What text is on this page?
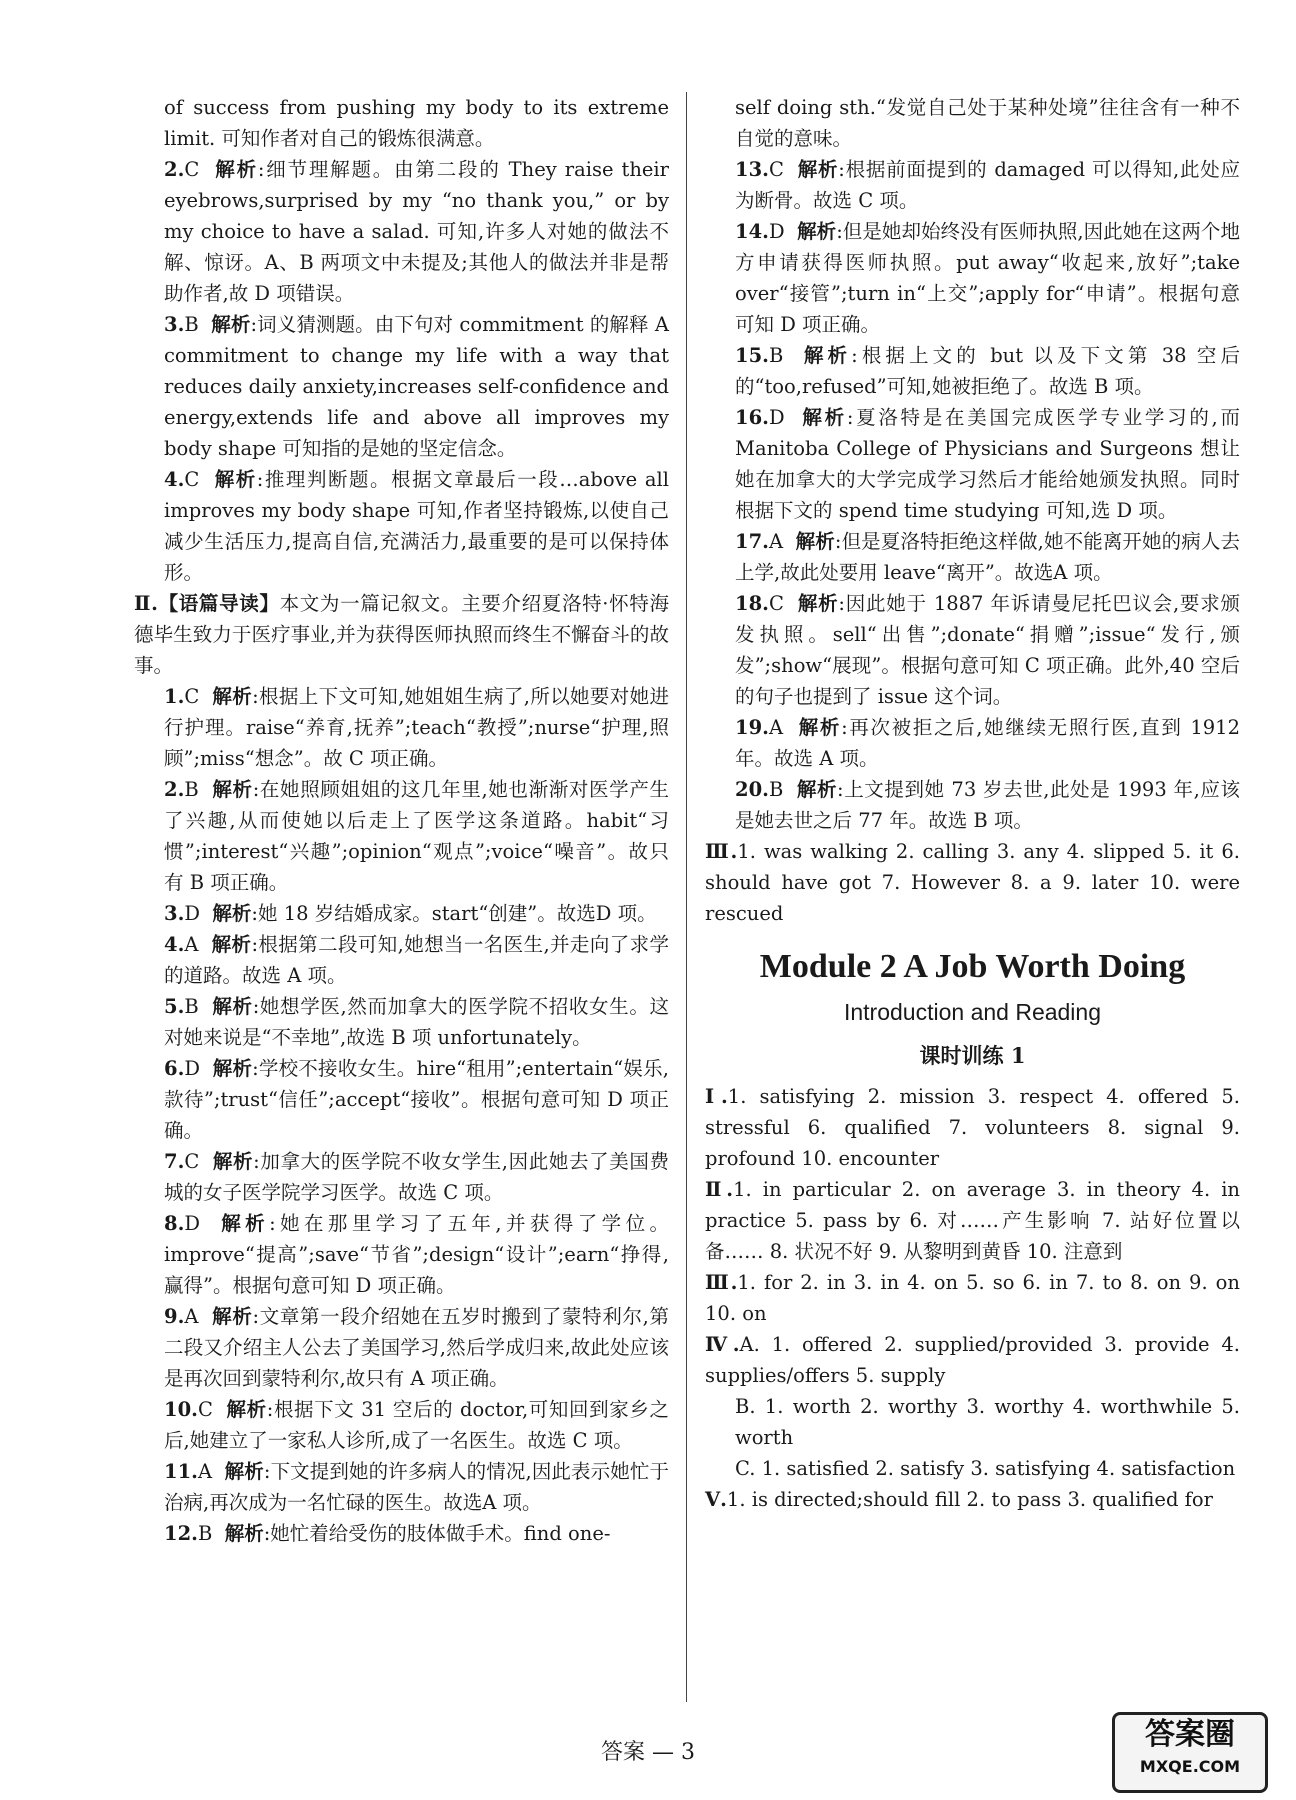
of success from pushing my body to its extreme limit. 可知作者对自己的锻炼很满意。

2.C 解析:细节理解题。由第二段的 They raise their eyebrows,surprised by my “no thank you,” or by my choice to have a salad. 可知,许多人对她的做法不解、惊讶。A、B 两项文中未提及;其他人的做法并非是帮助作者,故 D 项错误。

3.B 解析:词义猜测题。由下句对 commitment 的解释 A commitment to change my life with a way that reduces daily anxiety,increases self-confidence and energy,extends life and above all improves my body shape 可知指的是她的坚定信念。

4.C 解析:推理判断题。根据文章最后一段…above all improves my body shape 可知,作者坚持锻炼,以使自己减少生活压力,提高自信,充满活力,最重要的是可以保持体形。

Ⅱ.【语篇导读】本文为一篇记叙文。主要介绍夏洛特·怀特海德毕生致力于医疗事业,并为获得医师执照而终生不懈奋斗的故事。

1.C 解析:根据上下文可知,她姐姐生病了,所以她要对她进行护理。raise“养育,抚养”;teach“教授”;nurse“护理,照顾”;miss“想念”。故 C 项正确。

2.B 解析:在她照顾姐姐的这几年里,她也渐渐对医学产生了兴趣,从而使她以后走上了医学这条道路。habit“习惯”;interest“兴趣”;opinion“观点”;voice“噪音”。故只有 B 项正确。

3.D 解析:她 18 岁结婚成家。start“创建”。故选D 项。

4.A 解析:根据第二段可知,她想当一名医生,并走向了求学的道路。故选 A 项。

5.B 解析:她想学医,然而加拿大的医学院不招收女生。这对她来说是“不幸地”,故选 B 项 unfortunately。

6.D 解析:学校不接收女生。hire“租用”;entertain“娱乐,款待”;trust“信任”;accept“接收”。根据句意可知 D 项正确。

7.C 解析:加拿大的医学院不收女学生,因此她去了美国费城的女子医学院学习医学。故选 C 项。

8.D 解析:她在那里学习了五年,并获得了学位。improve“提高”;save“节省”;design“设计”;earn“挣得,赢得”。根据句意可知 D 项正确。

9.A 解析:文章第一段介绍她在五岁时搬到了蒙特利尔,第二段又介绍主人公去了美国学习,然后学成归来,故此处应该是再次回到蒙特利尔,故只有 A 项正确。

10.C 解析:根据下文 31 空后的 doctor,可知回到家乡之后,她建立了一家私人诊所,成了一名医生。故选 C 项。

11.A 解析:下文提到她的许多病人的情况,因此表示她忙于治病,再次成为一名忙碌的医生。故选A 项。

12.B 解析:她忙着给受伤的肢体做手术。find one-

self doing sth.“发觉自己处于某种处境”往往含有一种不自觉的意味。

13.C 解析:根据前面提到的 damaged 可以得知,此处应为断骨。故选 C 项。

14.D 解析:但是她却始终没有医师执照,因此她在这两个地方申请获得医师执照。put away“收起来,放好”;take over“接管”;turn in“上交”;apply for“申请”。根据句意可知 D 项正确。

15.B 解析:根据上文的 but 以及下文第 38 空后的“too,refused”可知,她被拒绝了。故选 B 项。

16.D 解析:夏洛特是在美国完成医学专业学习的,而 Manitoba College of Physicians and Surgeons 想让她在加拿大的大学完成学习然后才能给她颁发执照。同时根据下文的 spend time studying 可知,选 D 项。

17.A 解析:但是夏洛特拒绝这样做,她不能离开她的病人去上学,故此处要用 leave“离开”。故选A 项。

18.C 解析:因此她于 1887 年诉请曼尼托巴议会,要求颁发执照。sell“出售”;donate“捐赠”;issue“发行,颁发”;show“展现”。根据句意可知 C 项正确。此外,40 空后的句子也提到了 issue 这个词。

19.A 解析:再次被拒之后,她继续无照行医,直到 1912 年。故选 A 项。

20.B 解析:上文提到她 73 岁去世,此处是 1993 年,应该是她去世之后 77 年。故选 B 项。

Ⅲ.1. was walking 2. calling 3. any 4. slipped 5. it 6. should have got 7. However 8. a 9. later 10. were rescued

Module 2 A Job Worth Doing
Introduction and Reading
课时训练 1

Ⅰ.1. satisfying 2. mission 3. respect 4. offered 5. stressful 6. qualified 7. volunteers 8. signal 9. profound 10. encounter

Ⅱ.1. in particular 2. on average 3. in theory 4. in practice 5. pass by 6. 对……产生影响 7. 站好位置以备…… 8. 状况不好 9. 从黎明到黄昏 10. 注意到

Ⅲ.1. for 2. in 3. in 4. on 5. so 6. in 7. to 8. on 9. on 10. on

Ⅳ.A. 1. offered 2. supplied/provided 3. provide 4. supplies/offers 5. supply

B. 1. worth 2. worthy 3. worthy 4. worthwhile 5. worth

C. 1. satisfied 2. satisfy 3. satisfying 4. satisfaction

Ⅴ.1. is directed;should fill 2. to pass 3. qualified for

答案 — 3
答案圈
MXQE.COM
